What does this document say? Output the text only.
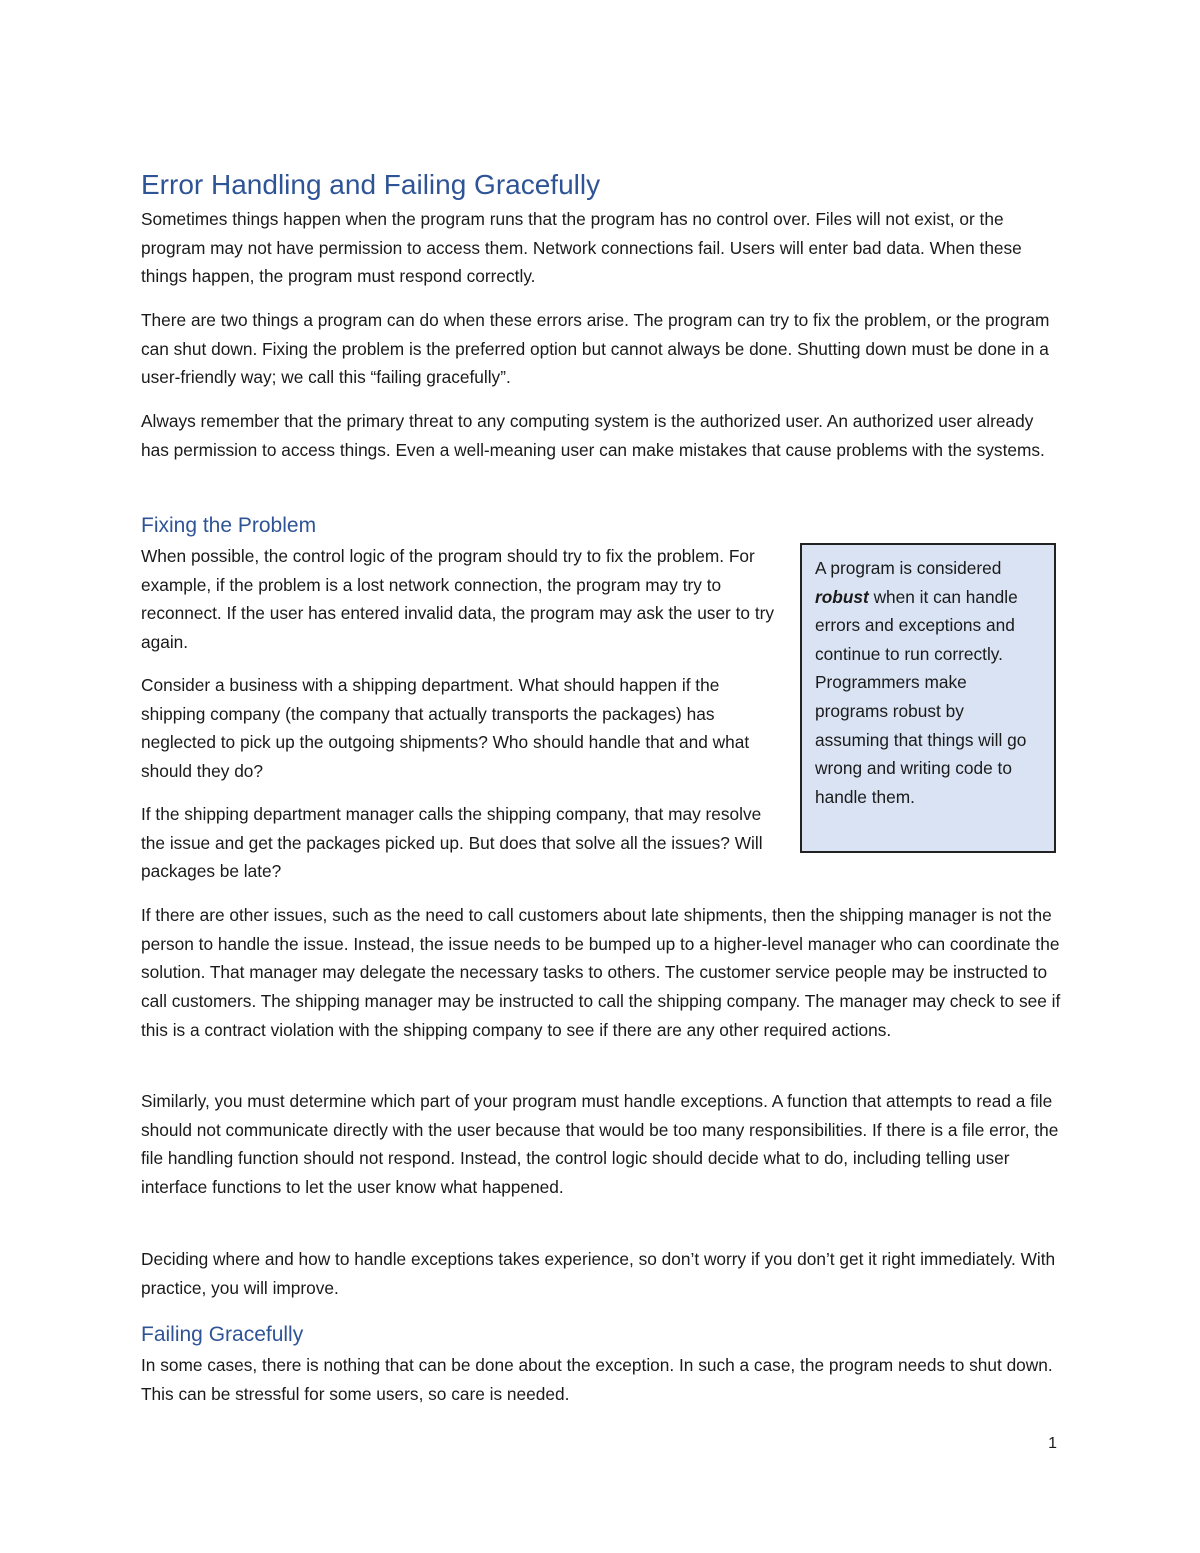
Error Handling and Failing Gracefully

Sometimes things happen when the program runs that the program has no control over. Files will not exist, or the program may not have permission to access them. Network connections fail. Users will enter bad data. When these things happen, the program must respond correctly.

There are two things a program can do when these errors arise. The program can try to fix the problem, or the program can shut down. Fixing the problem is the preferred option but cannot always be done. Shutting down must be done in a user-friendly way; we call this “failing gracefully”.

Always remember that the primary threat to any computing system is the authorized user. An authorized user already has permission to access things. Even a well-meaning user can make mistakes that cause problems with the systems.

Fixing the Problem

When possible, the control logic of the program should try to fix the problem. For example, if the problem is a lost network connection, the program may try to reconnect. If the user has entered invalid data, the program may ask the user to try again.

Consider a business with a shipping department. What should happen if the shipping company (the company that actually transports the packages) has neglected to pick up the outgoing shipments? Who should handle that and what should they do?

If the shipping department manager calls the shipping company, that may resolve the issue and get the packages picked up. But does that solve all the issues? Will packages be late?

If there are other issues, such as the need to call customers about late shipments, then the shipping manager is not the person to handle the issue. Instead, the issue needs to be bumped up to a higher-level manager who can coordinate the solution. That manager may delegate the necessary tasks to others. The customer service people may be instructed to call customers. The shipping manager may be instructed to call the shipping company. The manager may check to see if this is a contract violation with the shipping company to see if there are any other required actions.

Similarly, you must determine which part of your program must handle exceptions. A function that attempts to read a file should not communicate directly with the user because that would be too many responsibilities. If there is a file error, the file handling function should not respond. Instead, the control logic should decide what to do, including telling user interface functions to let the user know what happened.

Deciding where and how to handle exceptions takes experience, so don’t worry if you don’t get it right immediately. With practice, you will improve.

A program is considered robust when it can handle errors and exceptions and continue to run correctly. Programmers make programs robust by assuming that things will go wrong and writing code to handle them.
Failing Gracefully

In some cases, there is nothing that can be done about the exception. In such a case, the program needs to shut down. This can be stressful for some users, so care is needed.

1
